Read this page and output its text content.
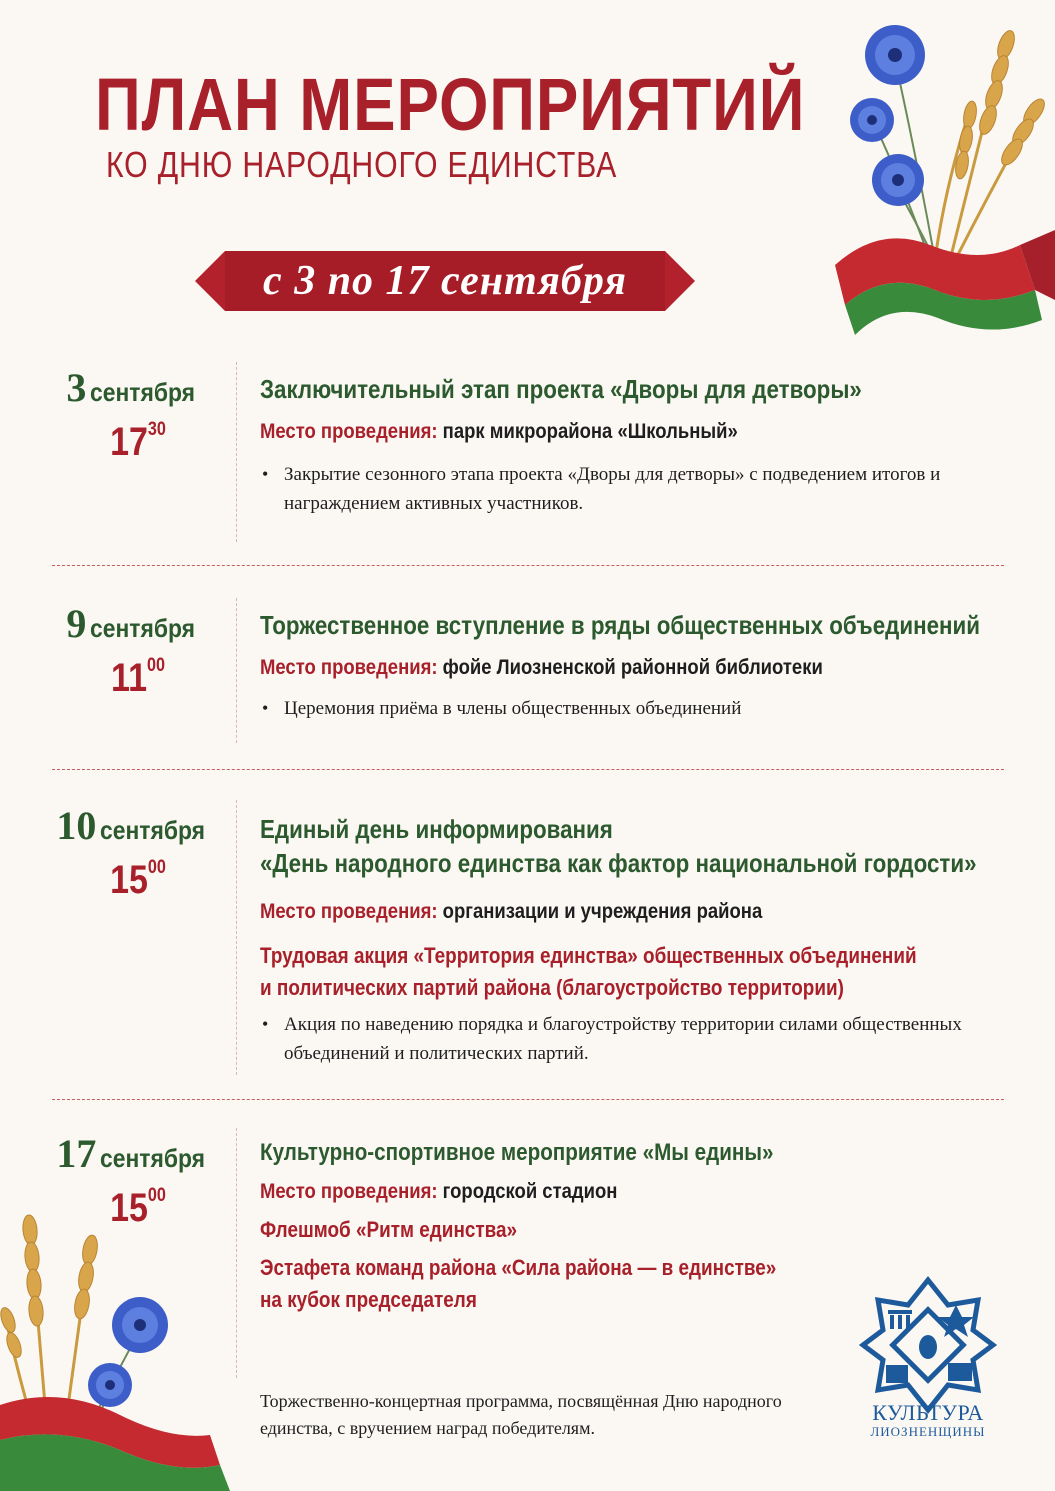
ПЛАН МЕРОПРИЯТИЙ
КО ДНЮ НАРОДНОГО ЕДИНСТВА
с 3 по 17 сентября
3 сентября
$17^{30}$
Заключительный этап проекта «Дворы для детворы»
Место проведения: парк микрорайона «Школьный»
• Закрытие сезонного этапа проекта «Дворы для детворы» с подведением итогов и награждением активных участников.
9 сентября
$11^{00}$
Торжественное вступление в ряды общественных объединений
Место проведения: фойе Лиозненской районной библиотеки
• Церемония приёма в члены общественных объединений
10 сентября
$15^{00}$
Единый день информирования
«День народного единства как фактор национальной гордости»
Место проведения: организации и учреждения района
Трудовая акция «Территория единства» общественных объединений
и политических партий района (благоустройство территории)
• Акция по наведению порядка и благоустройству территории силами общественных объединений и политических партий.
17 сентября
$15^{00}$
Культурно-спортивное мероприятие «Мы едины»
Место проведения: городской стадион
Флешмоб «Ритм единства»
Эстафета команд района «Сила района — в единстве»
на кубок председателя
Торжественно-концертная программа, посвящённая Дню народного единства, с вручением наград победителям.
КУЛЬТУРА
ЛИОЗНЕНЩИНЫ
